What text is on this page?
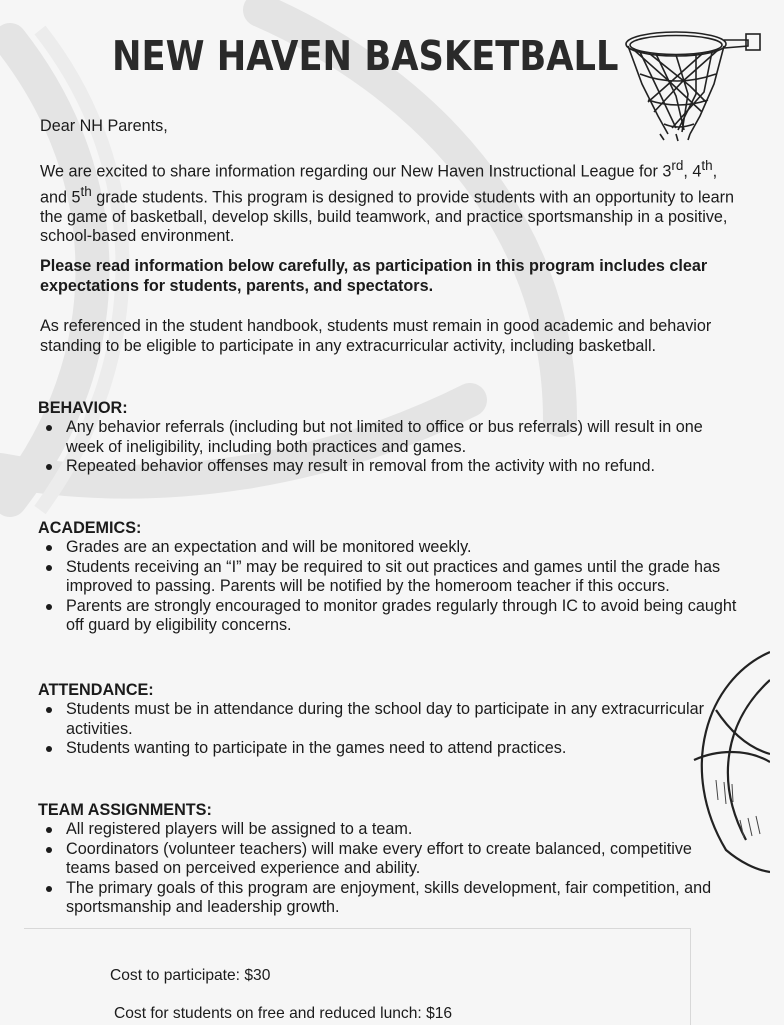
NEW HAVEN BASKETBALL
Dear NH Parents,
We are excited to share information regarding our New Haven Instructional League for 3rd, 4th, and 5th grade students. This program is designed to provide students with an opportunity to learn the game of basketball, develop skills, build teamwork, and practice sportsmanship in a positive, school-based environment.
Please read information below carefully, as participation in this program includes clear expectations for students, parents, and spectators.
As referenced in the student handbook, students must remain in good academic and behavior standing to be eligible to participate in any extracurricular activity, including basketball.
BEHAVIOR:
Any behavior referrals (including but not limited to office or bus referrals) will result in one week of ineligibility, including both practices and games.
Repeated behavior offenses may result in removal from the activity with no refund.
ACADEMICS:
Grades are an expectation and will be monitored weekly.
Students receiving an “I” may be required to sit out practices and games until the grade has improved to passing. Parents will be notified by the homeroom teacher if this occurs.
Parents are strongly encouraged to monitor grades regularly through IC to avoid being caught off guard by eligibility concerns.
ATTENDANCE:
Students must be in attendance during the school day to participate in any extracurricular activities.
Students wanting to participate in the games need to attend practices.
TEAM ASSIGNMENTS:
All registered players will be assigned to a team.
Coordinators (volunteer teachers) will make every effort to create balanced, competitive teams based on perceived experience and ability.
The primary goals of this program are enjoyment, skills development, fair competition, and sportsmanship and leadership growth.
Cost to participate: $30
Cost for students on free and reduced lunch: $16
